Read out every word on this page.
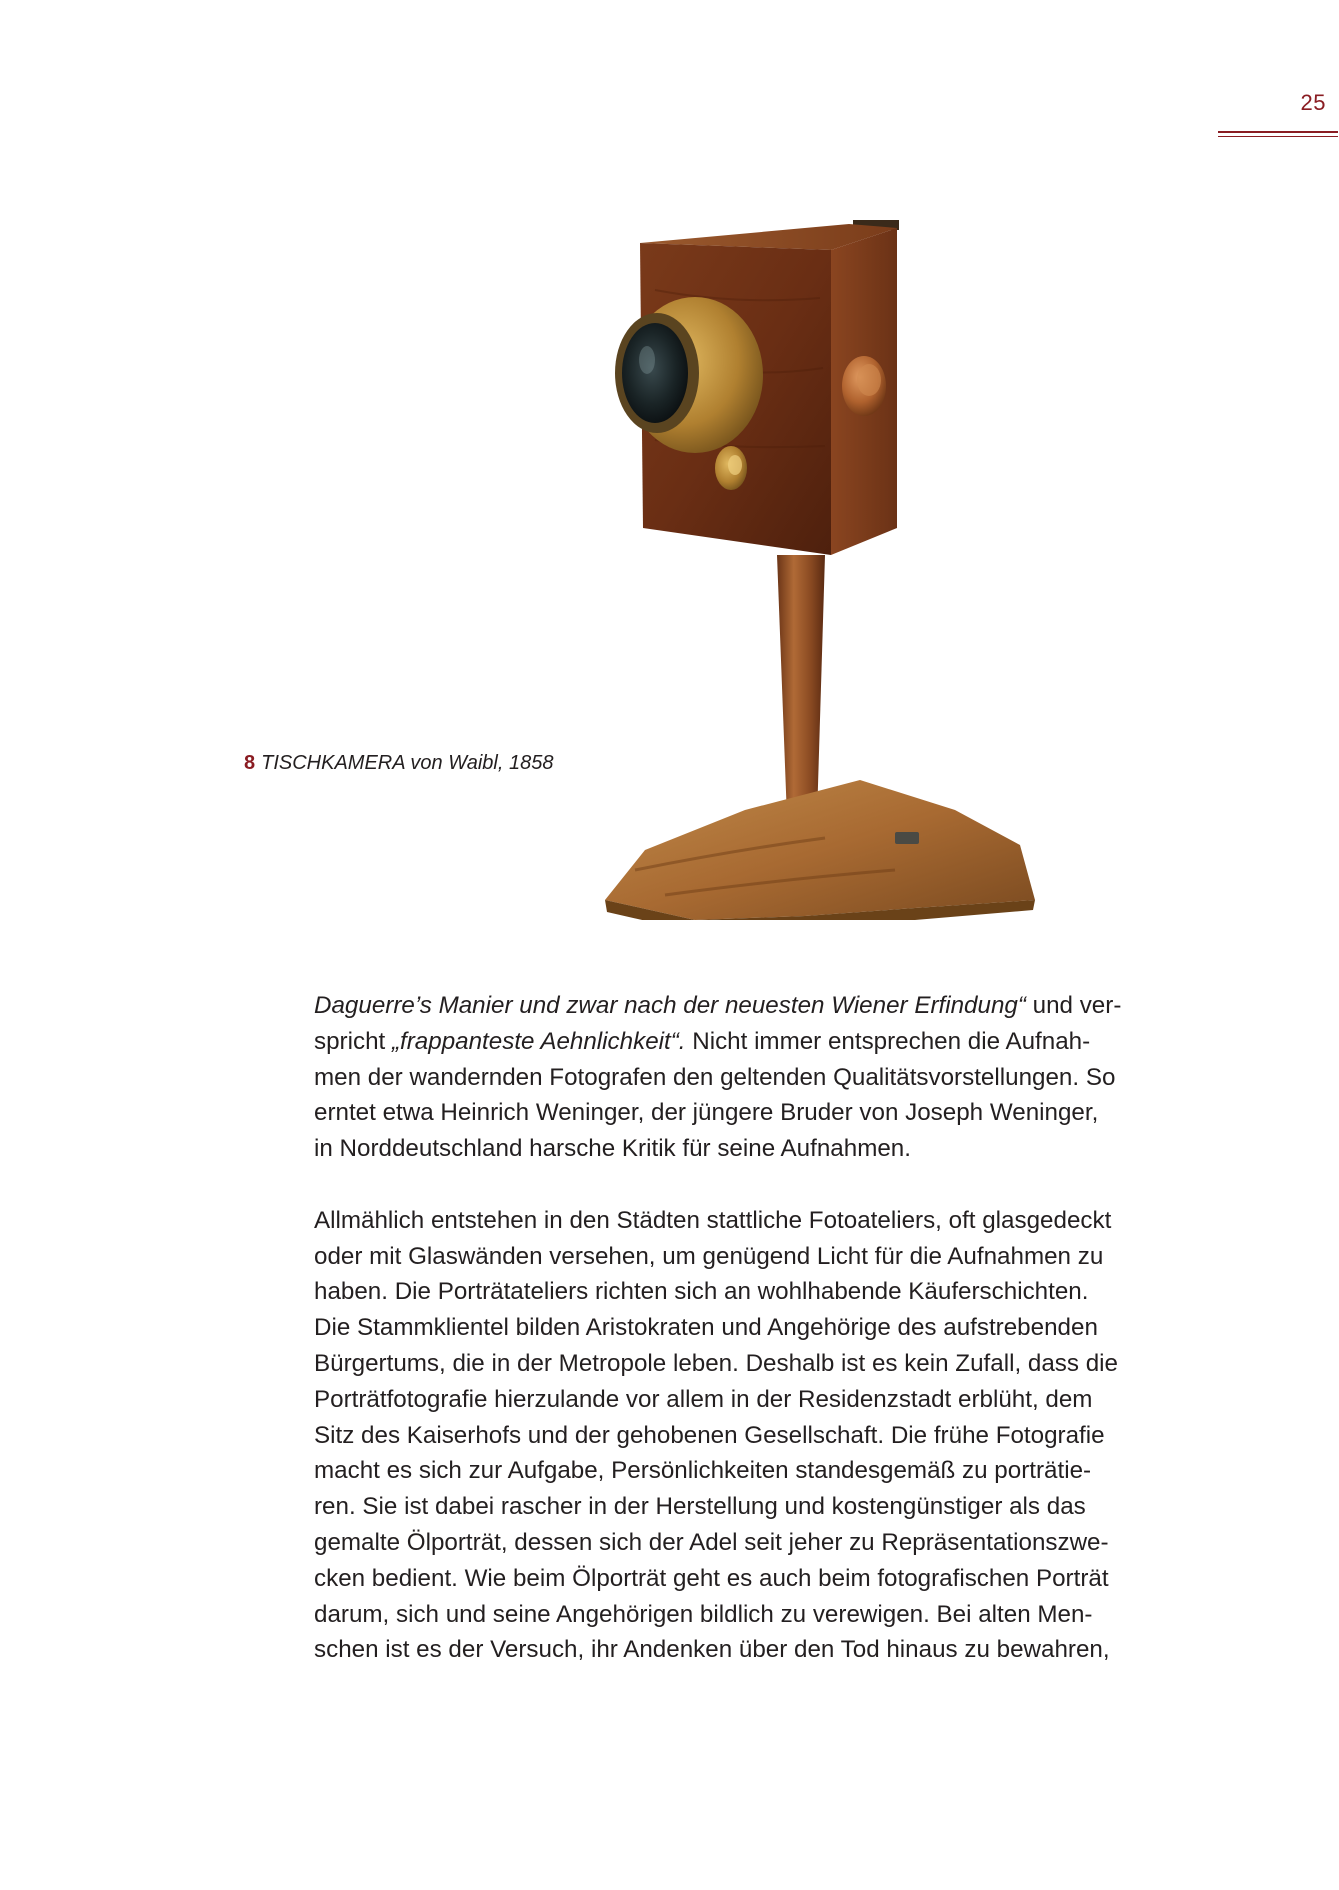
25
8 TISCHKAMERA von Waibl, 1858
Daguerre’s Manier und zwar nach der neuesten Wiener Erfindung“ und ver-
spricht „frappanteste Aehnlichkeit“. Nicht immer entsprechen die Aufnah-
men der wandernden Fotografen den geltenden Qualitätsvorstellungen. So
erntet etwa Heinrich Weninger, der jüngere Bruder von Joseph Weninger,
in Norddeutschland harsche Kritik für seine Aufnahmen.
Allmählich entstehen in den Städten stattliche Fotoateliers, oft glasgedeckt
oder mit Glaswänden versehen, um genügend Licht für die Aufnahmen zu
haben. Die Porträtateliers richten sich an wohlhabende Käuferschichten.
Die Stammklientel bilden Aristokraten und Angehörige des aufstrebenden
Bürgertums, die in der Metropole leben. Deshalb ist es kein Zufall, dass die
Porträtfotografie hierzulande vor allem in der Residenzstadt erblüht, dem
Sitz des Kaiserhofs und der gehobenen Gesellschaft. Die frühe Fotografie
macht es sich zur Aufgabe, Persönlichkeiten standesgemäß zu porträtie-
ren. Sie ist dabei rascher in der Herstellung und kostengünstiger als das
gemalte Ölporträt, dessen sich der Adel seit jeher zu Repräsentationszwe-
cken bedient. Wie beim Ölporträt geht es auch beim fotografischen Porträt
darum, sich und seine Angehörigen bildlich zu verewigen. Bei alten Men-
schen ist es der Versuch, ihr Andenken über den Tod hinaus zu bewahren,
